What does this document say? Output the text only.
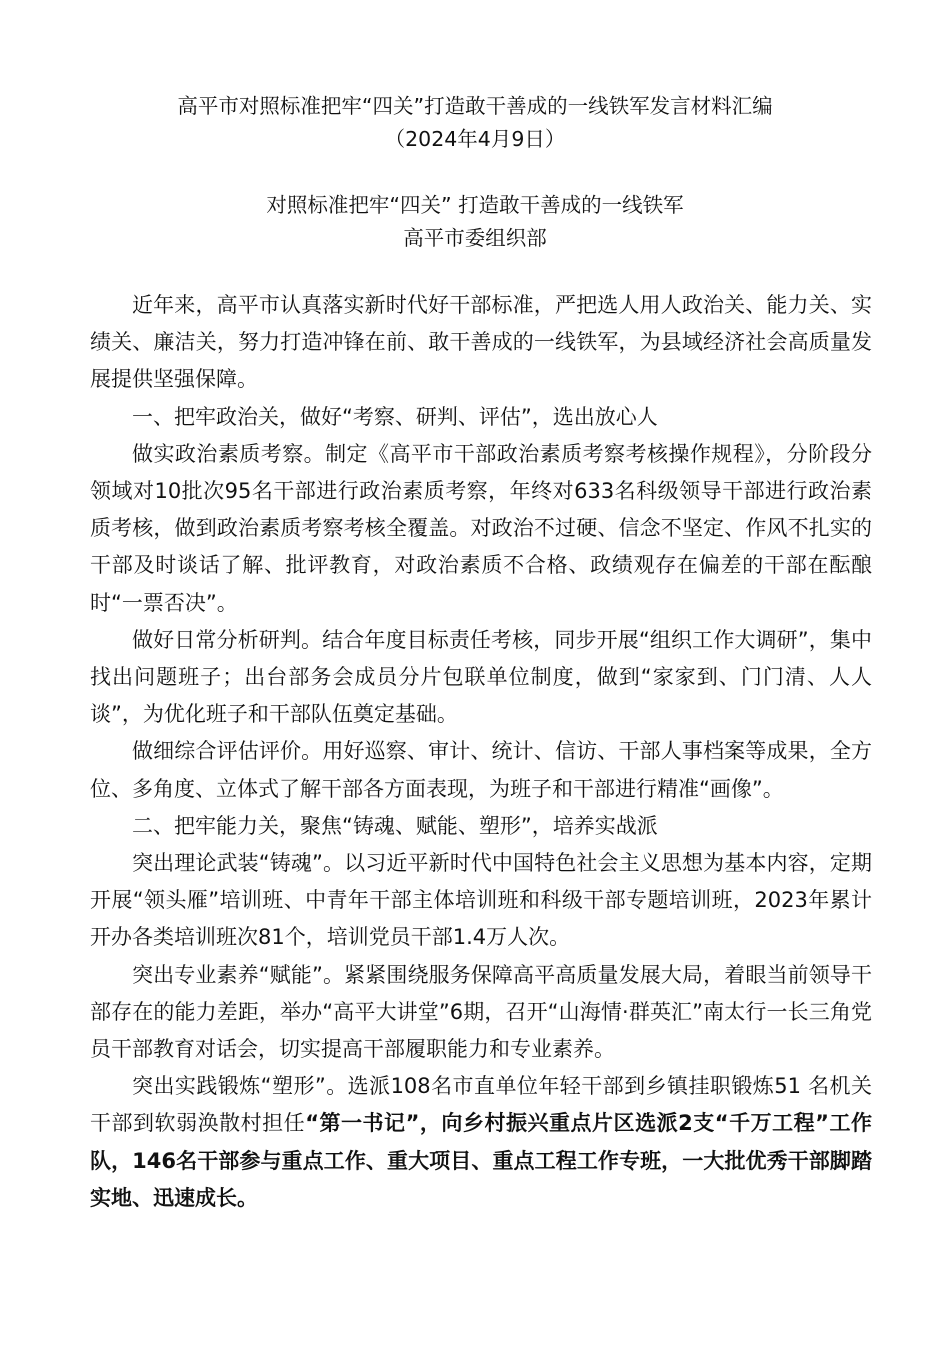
高平市对照标准把牢“四关”打造敢干善成的一线铁军发言材料汇编
（2024年4月9日）
对照标准把牢“四关” 打造敢干善成的一线铁军
高平市委组织部

近年来，高平市认真落实新时代好干部标准，严把选人用人政治关、能力关、实绩关、廉洁关，努力打造冲锋在前、敢干善成的一线铁军，为县域经济社会高质量发展提供坚强保障。

一、把牢政治关，做好“考察、研判、评估”，选出放心人

做实政治素质考察。制定《高平市干部政治素质考察考核操作规程》，分阶段分领域对10批次95名干部进行政治素质考察，年终对633名科级领导干部进行政治素质考核，做到政治素质考察考核全覆盖。对政治不过硬、信念不坚定、作风不扎实的干部及时谈话了解、批评教育，对政治素质不合格、政绩观存在偏差的干部在酝酿时“一票否决”。

做好日常分析研判。结合年度目标责任考核，同步开展“组织工作大调研”，集中找出问题班子；出台部务会成员分片包联单位制度，做到“家家到、门门清、人人谈”，为优化班子和干部队伍奠定基础。

做细综合评估评价。用好巡察、审计、统计、信访、干部人事档案等成果，全方位、多角度、立体式了解干部各方面表现，为班子和干部进行精准“画像”。

二、把牢能力关，聚焦“铸魂、赋能、塑形”，培养实战派

突出理论武装“铸魂”。以习近平新时代中国特色社会主义思想为基本内容，定期开展“领头雁”培训班、中青年干部主体培训班和科级干部专题培训班，2023年累计开办各类培训班次81个，培训党员干部1.4万人次。

突出专业素养“赋能”。紧紧围绕服务保障高平高质量发展大局，着眼当前领导干部存在的能力差距，举办“高平大讲堂”6期，召开“山海情·群英汇”南太行一长三角党员干部教育对话会，切实提高干部履职能力和专业素养。

突出实践锻炼“塑形”。选派108名市直单位年轻干部到乡镇挂职锻炼51 名机关干部到软弱涣散村担任“第一书记”，向乡村振兴重点片区选派2支“千万工程”工作队，146名干部参与重点工作、重大项目、重点工程工作专班，一大批优秀干部脚踏实地、迅速成长。
